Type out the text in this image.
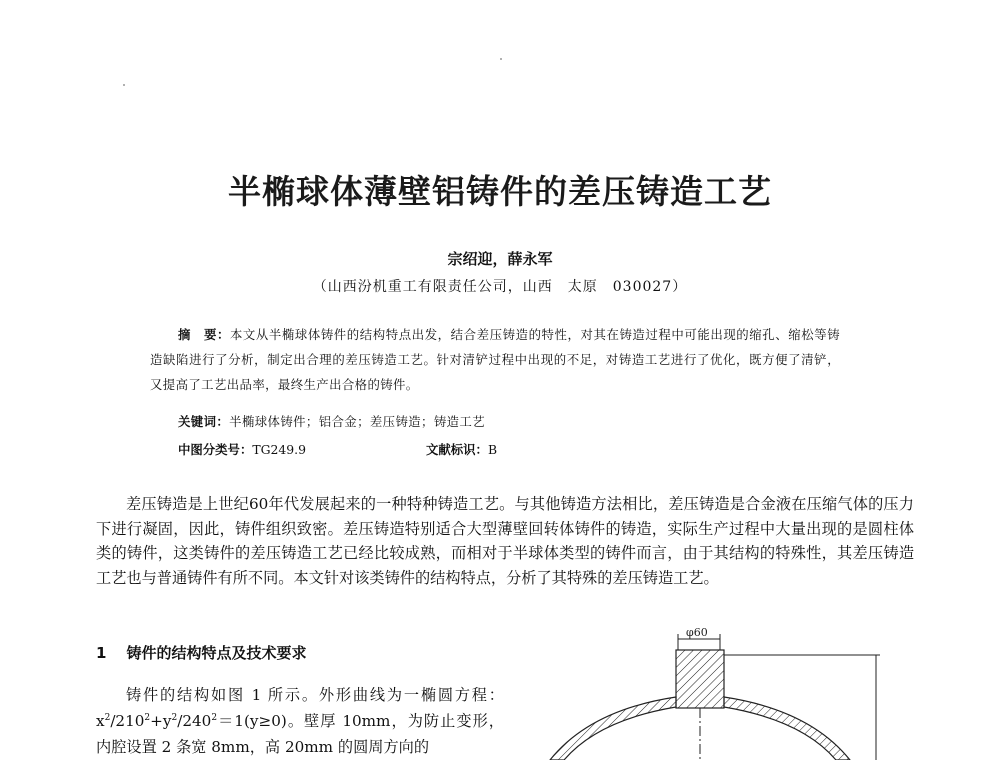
半椭球体薄壁铝铸件的差压铸造工艺
宗绍迎，薛永军
（山西汾机重工有限责任公司，山西　太原　030027）
摘　要：本文从半椭球体铸件的结构特点出发，结合差压铸造的特性，对其在铸造过程中可能出现的缩孔、缩松等铸造缺陷进行了分析，制定出合理的差压铸造工艺。针对清铲过程中出现的不足，对铸造工艺进行了优化，既方便了清铲，又提高了工艺出品率，最终生产出合格的铸件。
关键词：半椭球体铸件；铝合金；差压铸造；铸造工艺
中图分类号：TG249.9	文献标识：B
差压铸造是上世纪60年代发展起来的一种特种铸造工艺。与其他铸造方法相比，差压铸造是合金液在压缩气体的压力下进行凝固，因此，铸件组织致密。差压铸造特别适合大型薄壁回转体铸件的铸造，实际生产过程中大量出现的是圆柱体类的铸件，这类铸件的差压铸造工艺已经比较成熟，而相对于半球体类型的铸件而言，由于其结构的特殊性，其差压铸造工艺也与普通铸件有所不同。本文针对该类铸件的结构特点，分析了其特殊的差压铸造工艺。
1 铸件的结构特点及技术要求
铸件的结构如图 1 所示。外形曲线为一椭圆方程：$x^2/210^2+y^2/240^2=1(y\ge 0)$。壁厚 10mm，为防止变形，内腔设置 2 条宽 8mm，高 20mm 的圆周方向的
φ60
